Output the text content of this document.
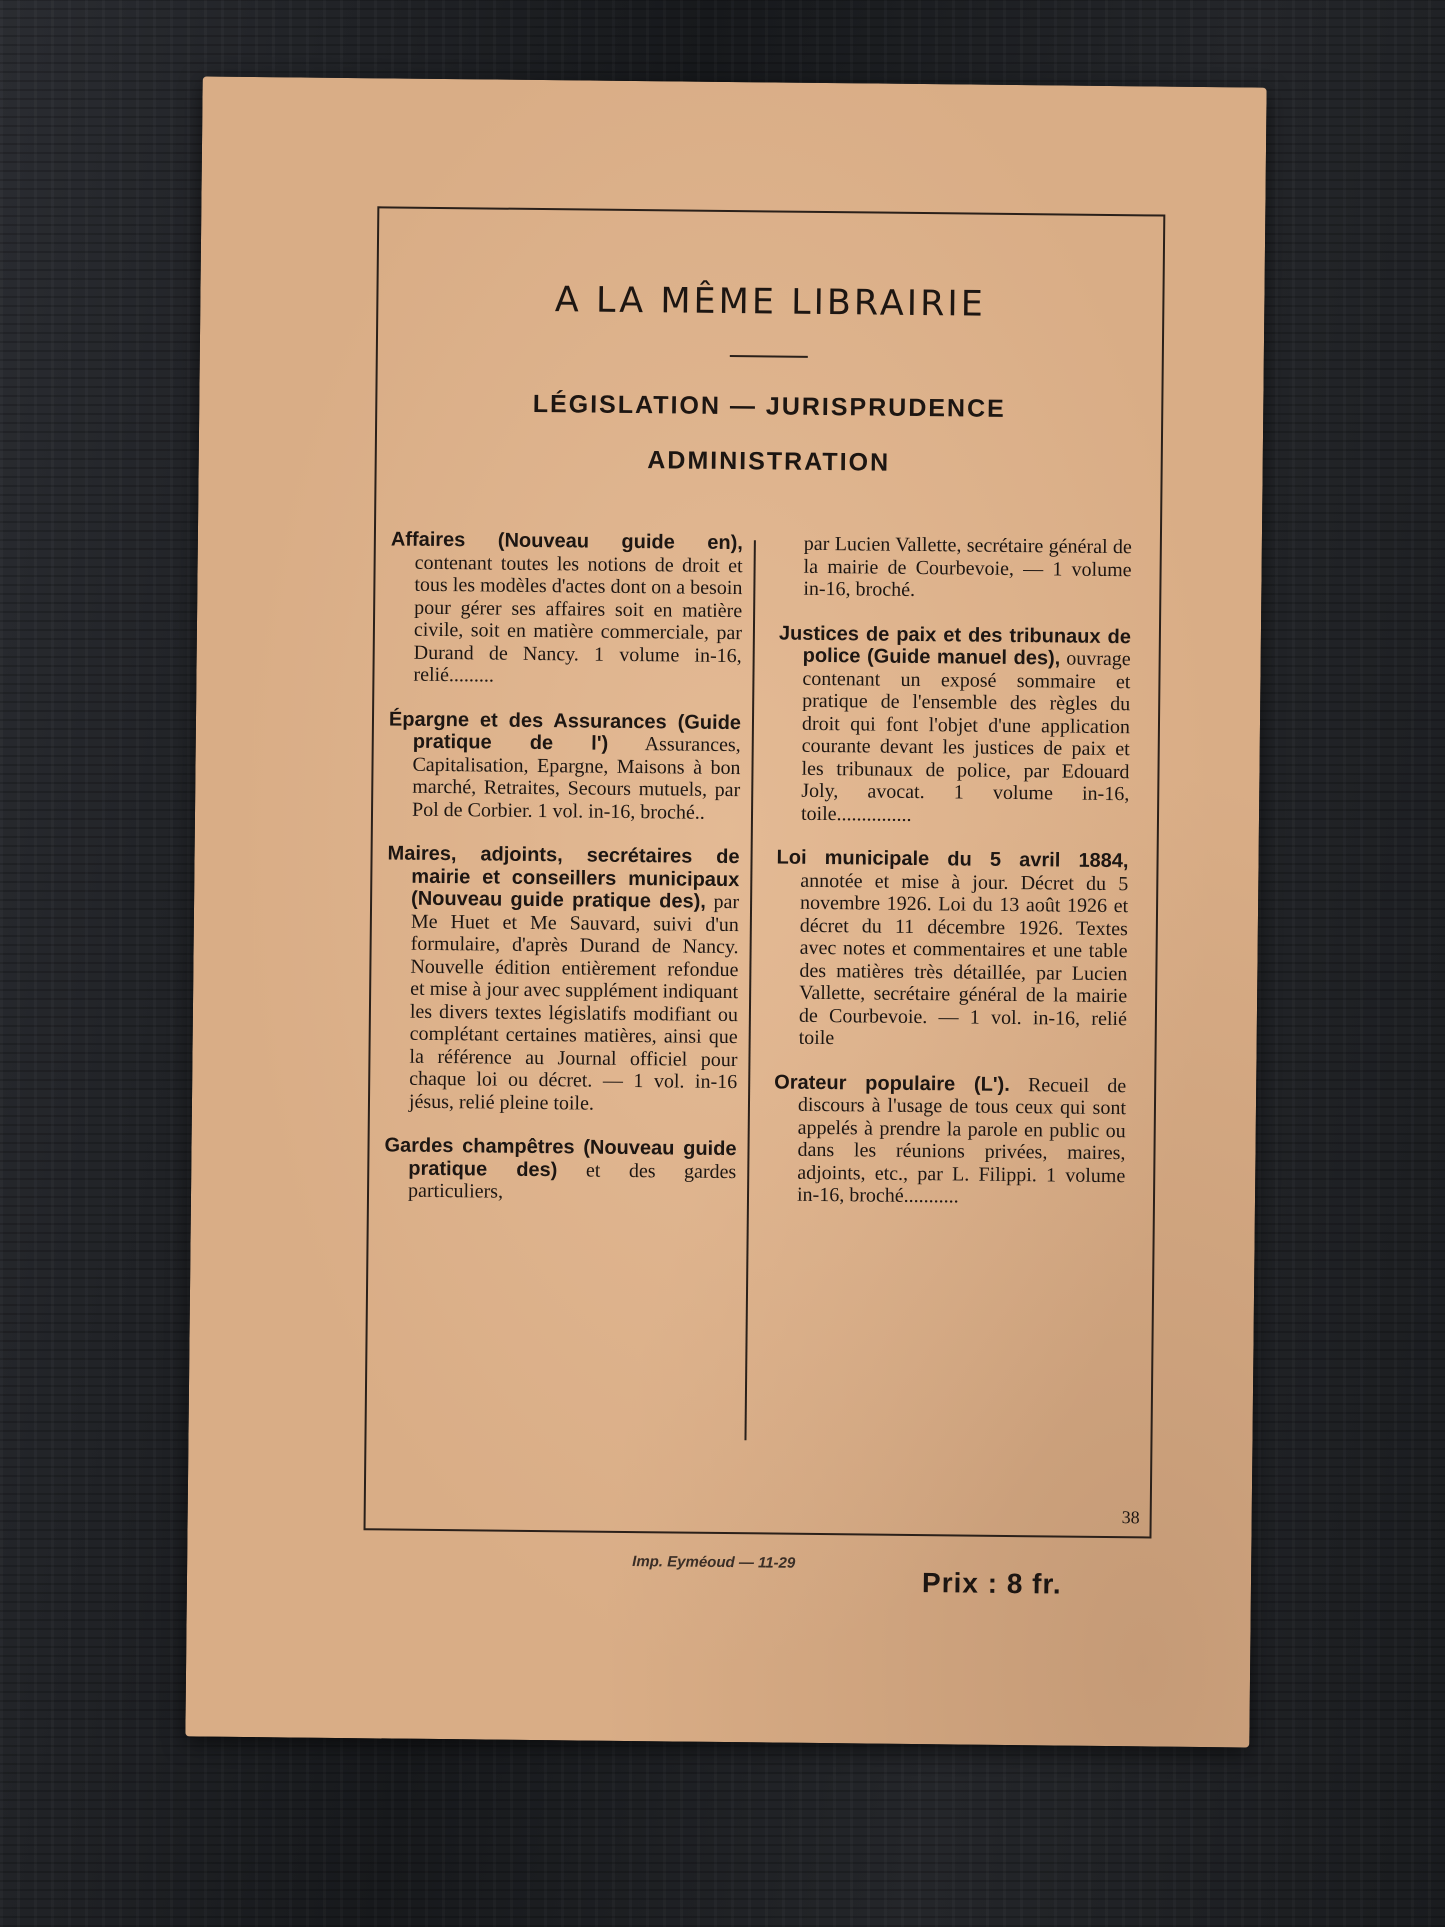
A LA MÊME LIBRAIRIE
LÉGISLATION — JURISPRUDENCE
ADMINISTRATION

Affaires (Nouveau guide en), contenant toutes les notions de droit et tous les modèles d'actes dont on a besoin pour gérer ses affaires soit en matière civile, soit en matière commerciale, par Durand de Nancy. 1 volume in-16, relié.........

Épargne et des Assurances (Guide pratique de l') Assurances, Capitalisation, Epargne, Maisons à bon marché, Retraites, Secours mutuels, par Pol de Corbier. 1 vol. in-16, broché..

Maires, adjoints, secrétaires de mairie et conseillers municipaux (Nouveau guide pratique des), par Me Huet et Me Sauvard, suivi d'un formulaire, d'après Durand de Nancy. Nouvelle édition entièrement refondue et mise à jour avec supplément indiquant les divers textes législatifs modifiant ou complétant certaines matières, ainsi que la référence au Journal officiel pour chaque loi ou décret. — 1 vol. in-16 jésus, relié pleine toile.

Gardes champêtres (Nouveau guide pratique des) et des gardes particuliers,

par Lucien Vallette, secrétaire général de la mairie de Courbevoie, — 1 volume in-16, broché.

Justices de paix et des tribunaux de police (Guide manuel des), ouvrage contenant un exposé sommaire et pratique de l'ensemble des règles du droit qui font l'objet d'une application courante devant les justices de paix et les tribunaux de police, par Edouard Joly, avocat. 1 volume in-16, toile...............

Loi municipale du 5 avril 1884, annotée et mise à jour. Décret du 5 novembre 1926. Loi du 13 août 1926 et décret du 11 décembre 1926. Textes avec notes et commentaires et une table des matières très détaillée, par Lucien Vallette, secrétaire général de la mairie de Courbevoie. — 1 vol. in-16, relié toile

Orateur populaire (L'). Recueil de discours à l'usage de tous ceux qui sont appelés à prendre la parole en public ou dans les réunions privées, maires, adjoints, etc., par L. Filippi. 1 volume in-16, broché...........

38
Imp. Eyméoud — 11-29
Prix : 8 fr.
